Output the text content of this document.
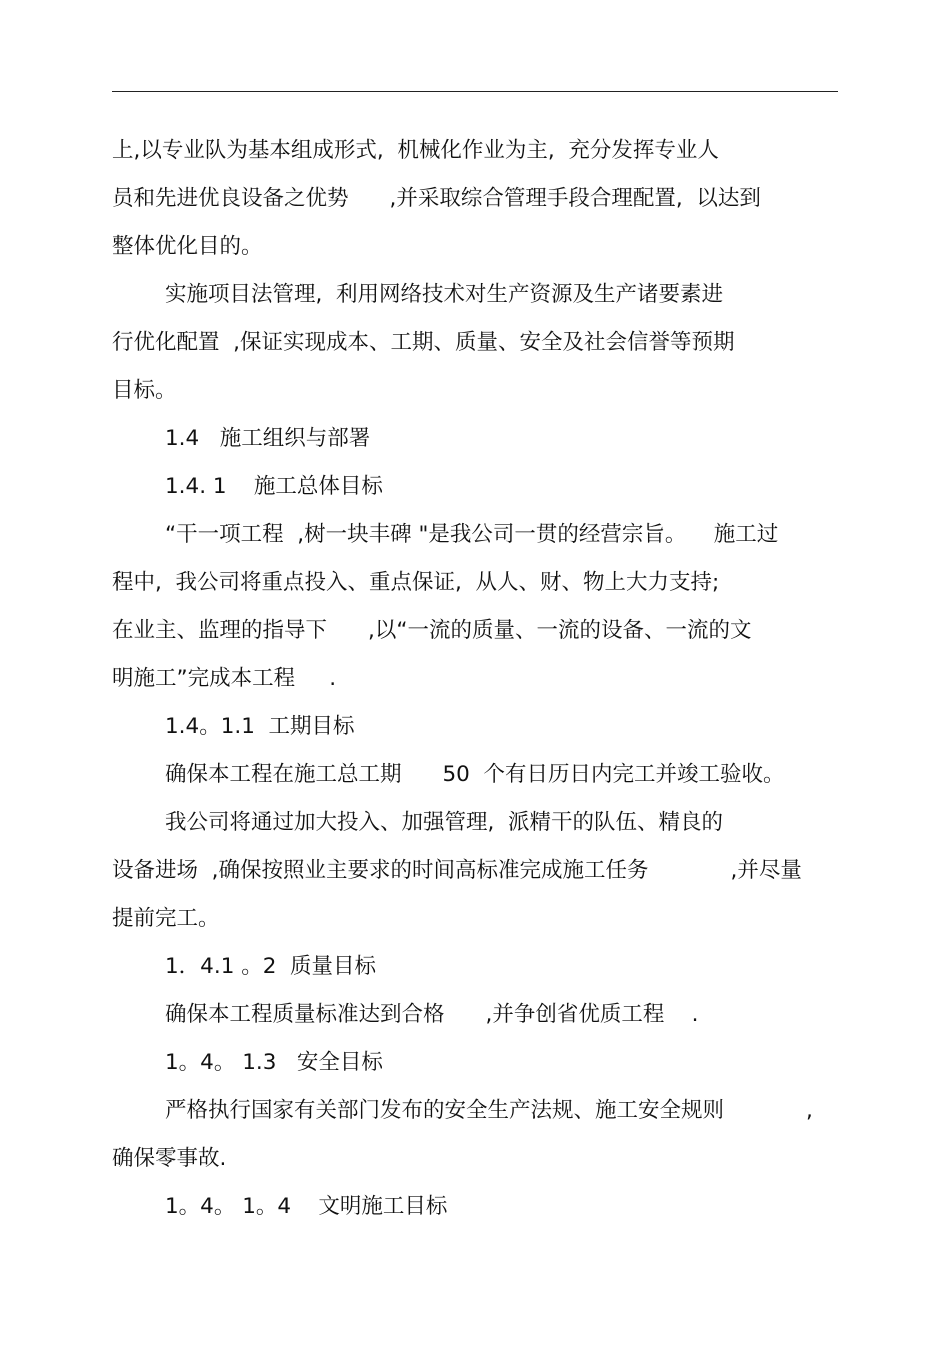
上,以专业队为基本组成形式,  机械化作业为主,  充分发挥专业人

员和先进优良设备之优势      ,并采取综合管理手段合理配置,  以达到

整体优化目的。

实施项目法管理,  利用网络技术对生产资源及生产诸要素进

行优化配置  ,保证实现成本、工期、质量、安全及社会信誉等预期

目标。

1.4   施工组织与部署

1.4. 1    施工总体目标

“干一项工程  ,树一块丰碑 "是我公司一贯的经营宗旨。    施工过

程中,  我公司将重点投入、重点保证,  从人、财、物上大力支持;

在业主、监理的指导下      ,以“一流的质量、一流的设备、一流的文

明施工”完成本工程     .

1.4。1.1  工期目标

确保本工程在施工总工期      50  个有日历日内完工并竣工验收。

我公司将通过加大投入、加强管理,  派精干的队伍、精良的

设备进场  ,确保按照业主要求的时间高标准完成施工任务            ,并尽量

提前完工。

1．4.1 。2  质量目标

确保本工程质量标准达到合格      ,并争创省优质工程    .

1。4。 1.3   安全目标

严格执行国家有关部门发布的安全生产法规、施工安全规则            ,

确保零事故.

1。4。 1。4    文明施工目标
